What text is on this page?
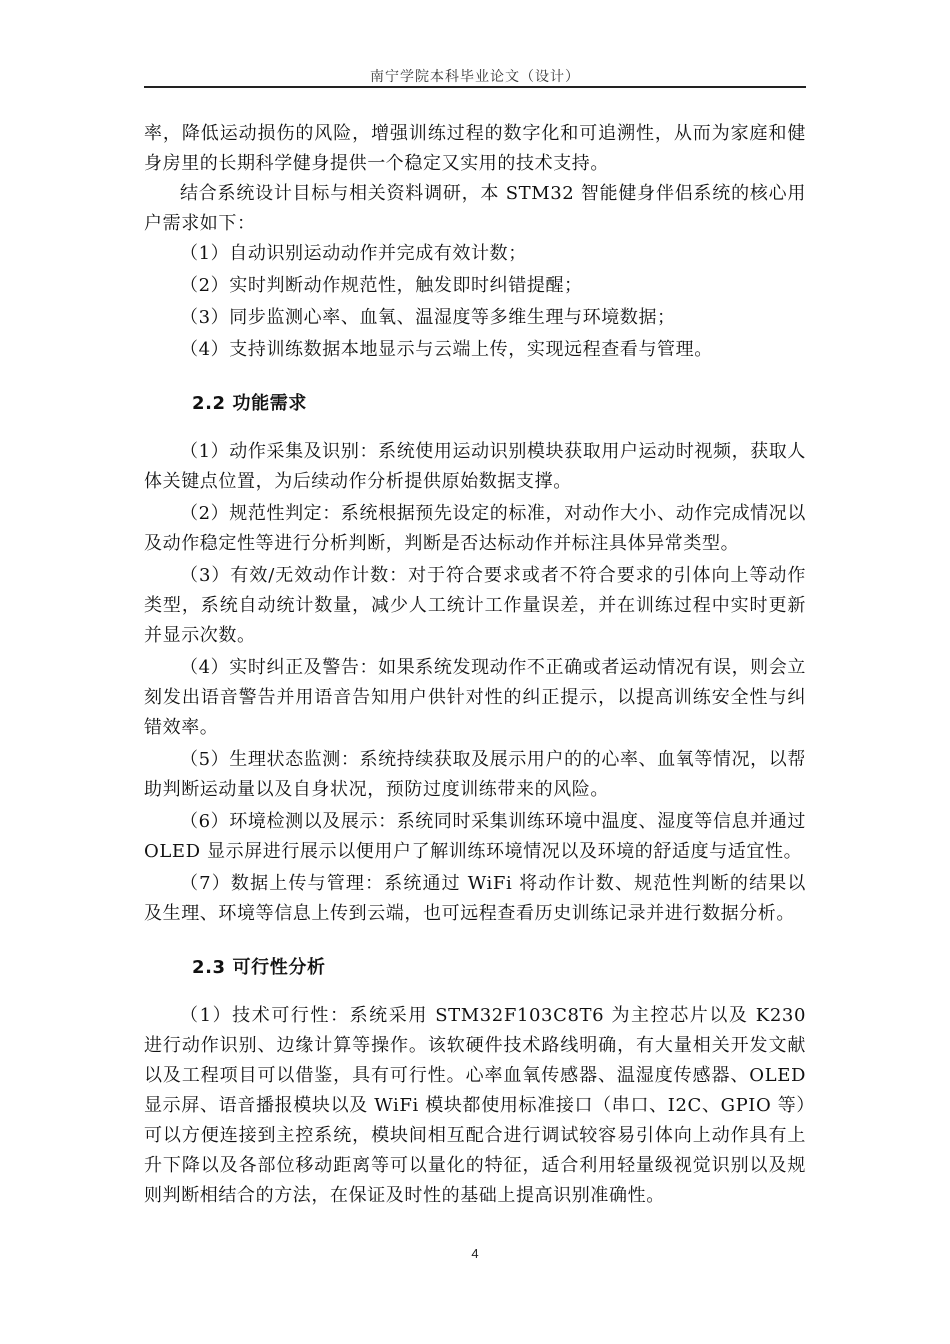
南宁学院本科毕业论文（设计）

率，降低运动损伤的风险，增强训练过程的数字化和可追溯性，从而为家庭和健身房里的长期科学健身提供一个稳定又实用的技术支持。

结合系统设计目标与相关资料调研，本 STM32 智能健身伴侣系统的核心用户需求如下：

（1）自动识别运动动作并完成有效计数；

（2）实时判断动作规范性，触发即时纠错提醒；

（3）同步监测心率、血氧、温湿度等多维生理与环境数据；

（4）支持训练数据本地显示与云端上传，实现远程查看与管理。

2.2 功能需求

（1）动作采集及识别：系统使用运动识别模块获取用户运动时视频，获取人体关键点位置，为后续动作分析提供原始数据支撑。

（2）规范性判定：系统根据预先设定的标准，对动作大小、动作完成情况以及动作稳定性等进行分析判断，判断是否达标动作并标注具体异常类型。

（3）有效/无效动作计数：对于符合要求或者不符合要求的引体向上等动作类型，系统自动统计数量，减少人工统计工作量误差，并在训练过程中实时更新并显示次数。

（4）实时纠正及警告：如果系统发现动作不正确或者运动情况有误，则会立刻发出语音警告并用语音告知用户供针对性的纠正提示，以提高训练安全性与纠错效率。

（5）生理状态监测：系统持续获取及展示用户的的心率、血氧等情况，以帮助判断运动量以及自身状况，预防过度训练带来的风险。

（6）环境检测以及展示：系统同时采集训练环境中温度、湿度等信息并通过 OLED 显示屏进行展示以便用户了解训练环境情况以及环境的舒适度与适宜性。

（7）数据上传与管理：系统通过 WiFi 将动作计数、规范性判断的结果以及生理、环境等信息上传到云端，也可远程查看历史训练记录并进行数据分析。

2.3 可行性分析

（1）技术可行性：系统采用 STM32F103C8T6 为主控芯片以及 K230 进行动作识别、边缘计算等操作。该软硬件技术路线明确，有大量相关开发文献以及工程项目可以借鉴，具有可行性。心率血氧传感器、温湿度传感器、OLED 显示屏、语音播报模块以及 WiFi 模块都使用标准接口（串口、I2C、GPIO 等）可以方便连接到主控系统，模块间相互配合进行调试较容易引体向上动作具有上升下降以及各部位移动距离等可以量化的特征，适合利用轻量级视觉识别以及规则判断相结合的方法，在保证及时性的基础上提高识别准确性。

4
